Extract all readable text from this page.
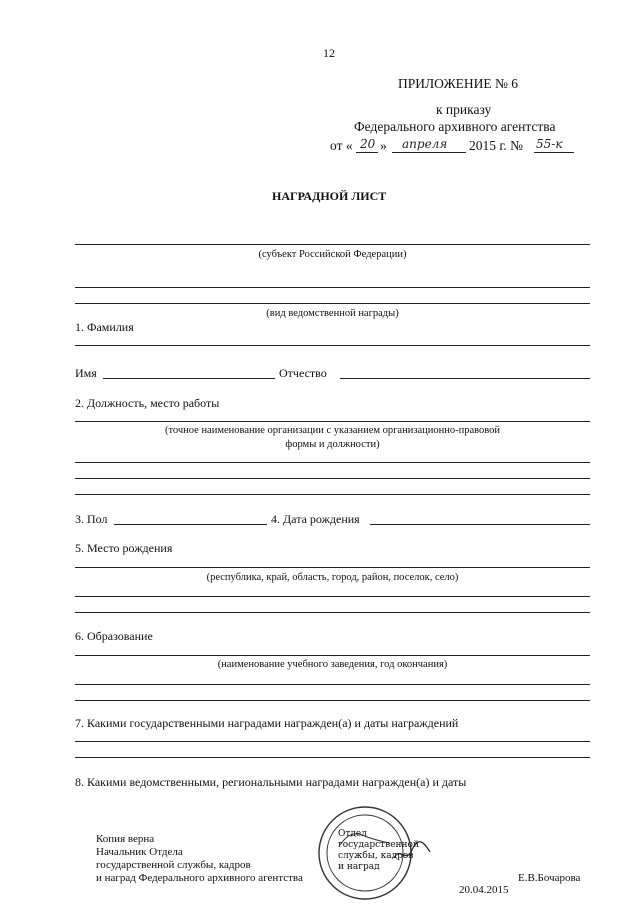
12
ПРИЛОЖЕНИЕ № 6
к приказу
Федерального архивного агентства
от « 20 » апреля 2015 г. № 55-к
НАГРАДНОЙ ЛИСТ
(субъект Российской Федерации)
(вид ведомственной награды)
1. Фамилия
Имя	Отчество
2. Должность, место работы
(точное наименование организации с указанием организационно-правовой
формы и должности)
3. Пол	4. Дата рождения
5. Место рождения
(республика, край, область, город, район, поселок, село)
6. Образование
(наименование учебного заведения, год окончания)
7. Какими государственными наградами награжден(а) и даты награждений
8. Какими ведомственными, региональными наградами награжден(а) и даты
Копия верна
Начальник Отдела
государственной службы, кадров
и наград Федерального архивного агентства	Е.В.Бочарова
20.04.2015
Отдел
государственной
службы, кадров
и наград
